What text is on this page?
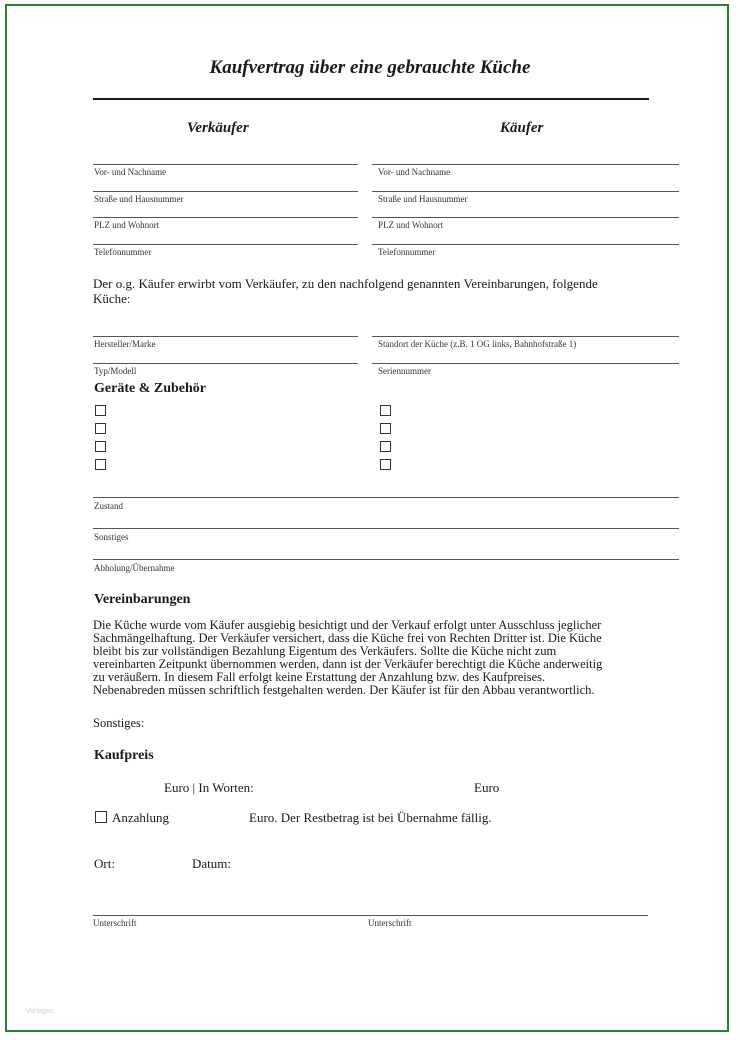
Kaufvertrag über eine gebrauchte Küche
Verkäufer	Käufer
Vor- und Nachname	Vor- und Nachname
Straße und Hausnummer	Straße und Hausnummer
PLZ und Wohnort	PLZ und Wohnort
Telefonnummer	Telefonnummer
Der o.g. Käufer erwirbt vom Verkäufer, zu den nachfolgend genannten Vereinbarungen, folgende Küche:
Hersteller/Marke	Standort der Küche (z.B. 1 OG links, Bahnhofstraße 1)
Typ/Modell	Seriennummer
Geräte & Zubehör
Zustand
Sonstiges
Abholung/Übernahme
Vereinbarungen
Die Küche wurde vom Käufer ausgiebig besichtigt und der Verkauf erfolgt unter Ausschluss jeglicher
Sachmängelhaftung. Der Verkäufer versichert, dass die Küche frei von Rechten Dritter ist. Die Küche
bleibt bis zur vollständigen Bezahlung Eigentum des Verkäufers. Sollte die Küche nicht zum
vereinbarten Zeitpunkt übernommen werden, dann ist der Verkäufer berechtigt die Küche anderweitig
zu veräußern. In diesem Fall erfolgt keine Erstattung der Anzahlung bzw. des Kaufpreises.
Nebenabreden müssen schriftlich festgehalten werden. Der Käufer ist für den Abbau verantwortlich.
Sonstiges:
Kaufpreis
Euro | In Worten:	Euro
Anzahlung	Euro. Der Restbetrag ist bei Übernahme fällig.
Ort:	Datum:
Unterschrift	Unterschrift
Vorlagen
